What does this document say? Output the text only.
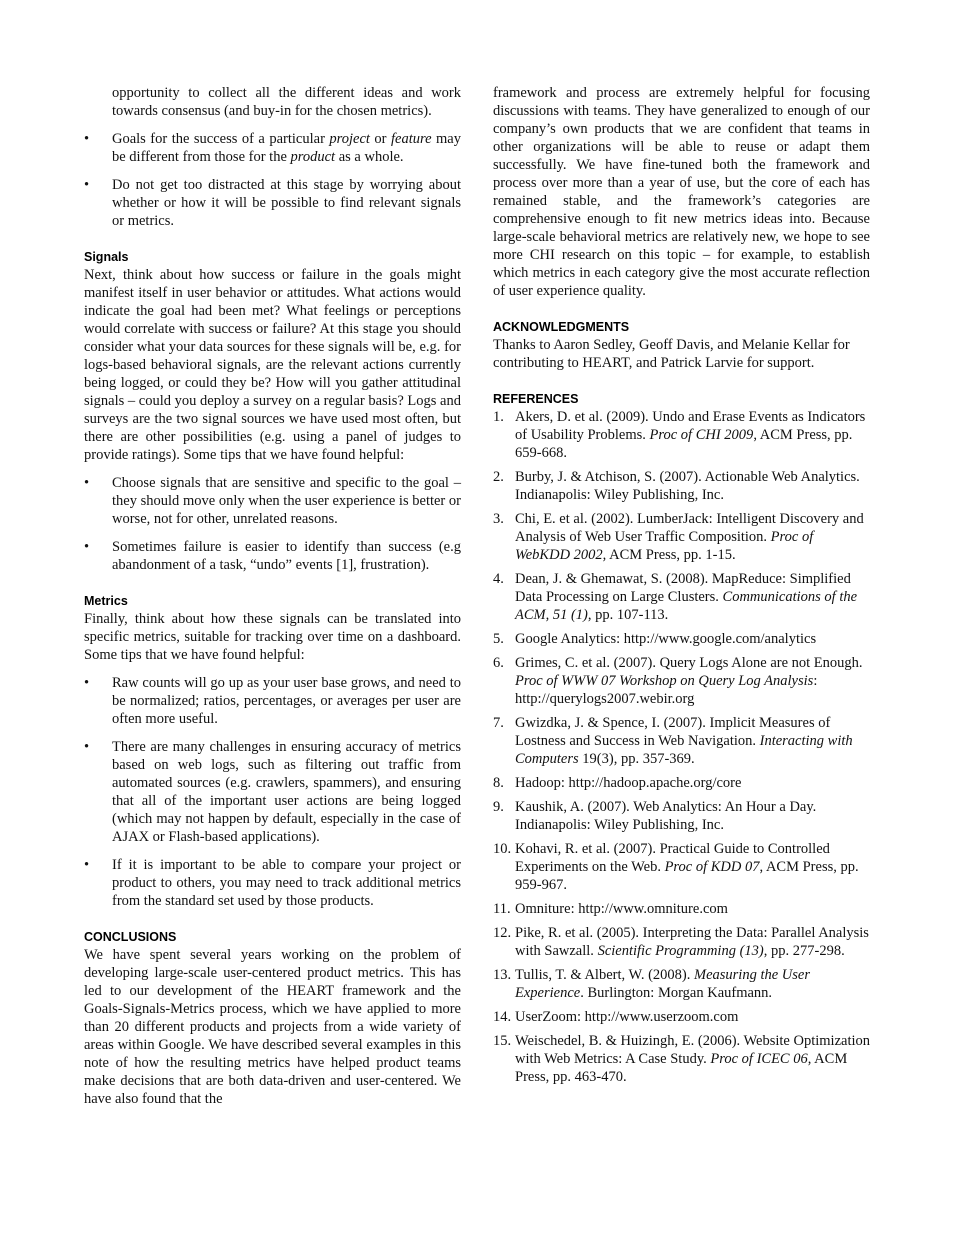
opportunity to collect all the different ideas and work towards consensus (and buy-in for the chosen metrics).

• Goals for the success of a particular project or feature may be different from those for the product as a whole.

• Do not get too distracted at this stage by worrying about whether or how it will be possible to find relevant signals or metrics.

Signals

Next, think about how success or failure in the goals might manifest itself in user behavior or attitudes. What actions would indicate the goal had been met? What feelings or perceptions would correlate with success or failure? At this stage you should consider what your data sources for these signals will be, e.g. for logs-based behavioral signals, are the relevant actions currently being logged, or could they be? How will you gather attitudinal signals – could you deploy a survey on a regular basis? Logs and surveys are the two signal sources we have used most often, but there are other possibilities (e.g. using a panel of judges to provide ratings). Some tips that we have found helpful:

• Choose signals that are sensitive and specific to the goal – they should move only when the user experience is better or worse, not for other, unrelated reasons.

• Sometimes failure is easier to identify than success (e.g abandonment of a task, “undo” events [1], frustration).

Metrics

Finally, think about how these signals can be translated into specific metrics, suitable for tracking over time on a dashboard. Some tips that we have found helpful:

• Raw counts will go up as your user base grows, and need to be normalized; ratios, percentages, or averages per user are often more useful.

• There are many challenges in ensuring accuracy of metrics based on web logs, such as filtering out traffic from automated sources (e.g. crawlers, spammers), and ensuring that all of the important user actions are being logged (which may not happen by default, especially in the case of AJAX or Flash-based applications).

• If it is important to be able to compare your project or product to others, you may need to track additional metrics from the standard set used by those products.

CONCLUSIONS

We have spent several years working on the problem of developing large-scale user-centered product metrics. This has led to our development of the HEART framework and the Goals-Signals-Metrics process, which we have applied to more than 20 different products and projects from a wide variety of areas within Google. We have described several examples in this note of how the resulting metrics have helped product teams make decisions that are both data-driven and user-centered. We have also found that the

framework and process are extremely helpful for focusing discussions with teams. They have generalized to enough of our company’s own products that we are confident that teams in other organizations will be able to reuse or adapt them successfully. We have fine-tuned both the framework and process over more than a year of use, but the core of each has remained stable, and the framework’s categories are comprehensive enough to fit new metrics ideas into. Because large-scale behavioral metrics are relatively new, we hope to see more CHI research on this topic – for example, to establish which metrics in each category give the most accurate reflection of user experience quality.

ACKNOWLEDGMENTS

Thanks to Aaron Sedley, Geoff Davis, and Melanie Kellar for contributing to HEART, and Patrick Larvie for support.

REFERENCES

1. Akers, D. et al. (2009). Undo and Erase Events as Indicators of Usability Problems. Proc of CHI 2009, ACM Press, pp. 659-668.

2. Burby, J. & Atchison, S. (2007). Actionable Web Analytics. Indianapolis: Wiley Publishing, Inc.

3. Chi, E. et al. (2002). LumberJack: Intelligent Discovery and Analysis of Web User Traffic Composition. Proc of WebKDD 2002, ACM Press, pp. 1-15.

4. Dean, J. & Ghemawat, S. (2008). MapReduce: Simplified Data Processing on Large Clusters. Communications of the ACM, 51 (1), pp. 107-113.

5. Google Analytics: http://www.google.com/analytics

6. Grimes, C. et al. (2007). Query Logs Alone are not Enough. Proc of WWW 07 Workshop on Query Log Analysis: http://querylogs2007.webir.org

7. Gwizdka, J. & Spence, I. (2007). Implicit Measures of Lostness and Success in Web Navigation. Interacting with Computers 19(3), pp. 357-369.

8. Hadoop: http://hadoop.apache.org/core

9. Kaushik, A. (2007). Web Analytics: An Hour a Day. Indianapolis: Wiley Publishing, Inc.

10. Kohavi, R. et al. (2007). Practical Guide to Controlled Experiments on the Web. Proc of KDD 07, ACM Press, pp. 959-967.

11. Omniture: http://www.omniture.com

12. Pike, R. et al. (2005). Interpreting the Data: Parallel Analysis with Sawzall. Scientific Programming (13), pp. 277-298.

13. Tullis, T. & Albert, W. (2008). Measuring the User Experience. Burlington: Morgan Kaufmann.

14. UserZoom: http://www.userzoom.com

15. Weischedel, B. & Huizingh, E. (2006). Website Optimization with Web Metrics: A Case Study. Proc of ICEC 06, ACM Press, pp. 463-470.
